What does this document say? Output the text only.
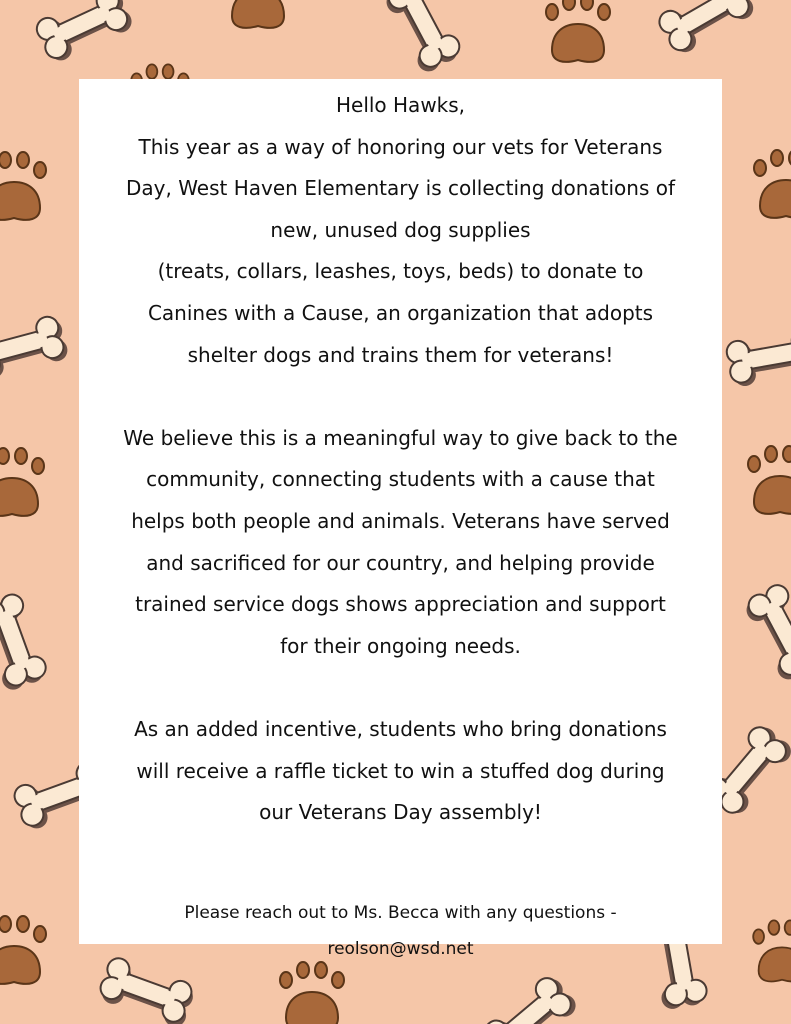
Hello Hawks,

This year as a way of honoring our vets for Veterans
Day, West Haven Elementary is collecting donations of
new, unused dog supplies
(treats, collars, leashes, toys, beds) to donate to
Canines with a Cause, an organization that adopts
shelter dogs and trains them for veterans!

We believe this is a meaningful way to give back to the
community, connecting students with a cause that
helps both people and animals. Veterans have served
and sacrificed for our country, and helping provide
trained service dogs shows appreciation and support
for their ongoing needs.

As an added incentive, students who bring donations
will receive a raffle ticket to win a stuffed dog during
our Veterans Day assembly!

Please reach out to Ms. Becca with any questions -
reolson@wsd.net
